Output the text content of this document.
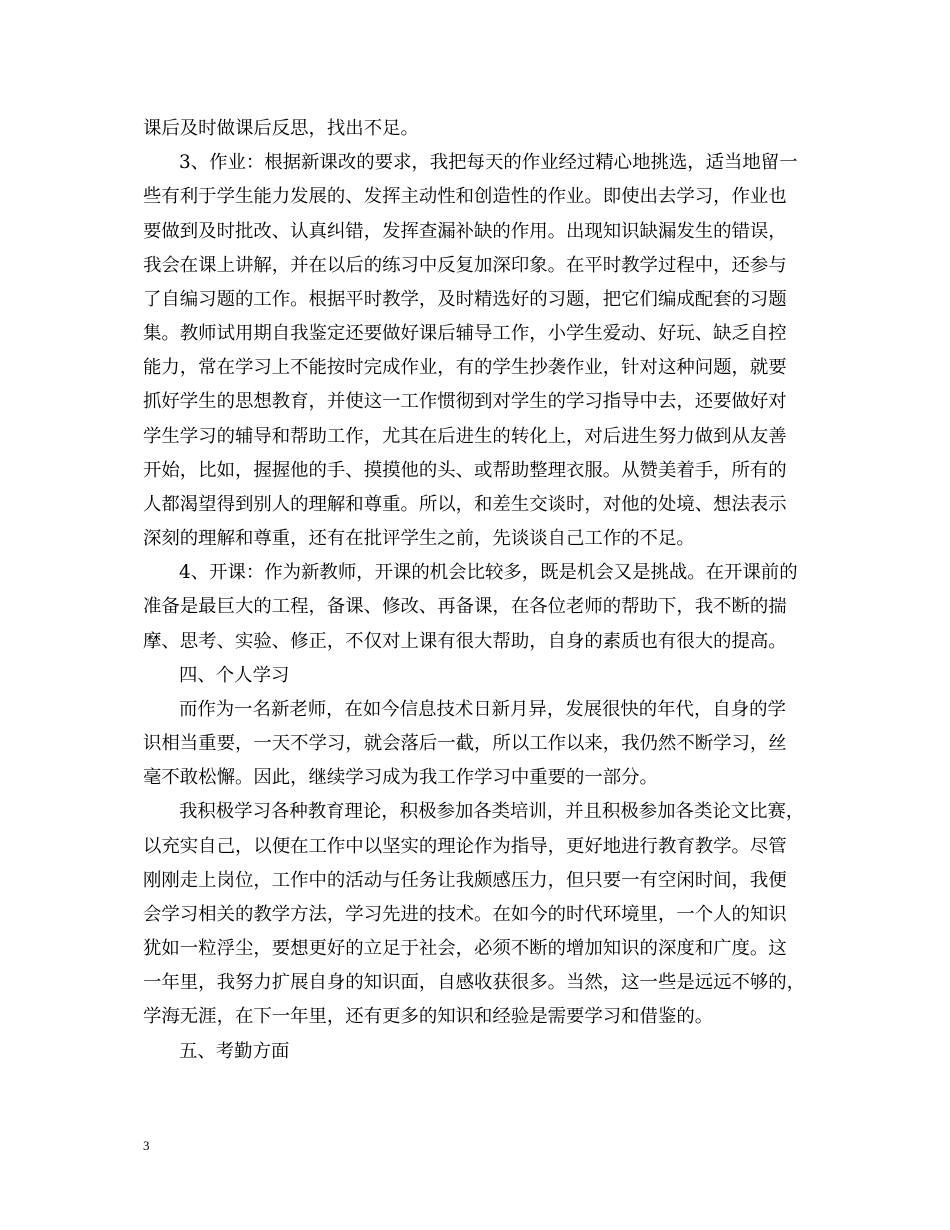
课后及时做课后反思，找出不足。
3、作业：根据新课改的要求，我把每天的作业经过精心地挑选，适当地留一
些有利于学生能力发展的、发挥主动性和创造性的作业。即使出去学习，作业也
要做到及时批改、认真纠错，发挥查漏补缺的作用。出现知识缺漏发生的错误，
我会在课上讲解，并在以后的练习中反复加深印象。在平时教学过程中，还参与
了自编习题的工作。根据平时教学，及时精选好的习题，把它们编成配套的习题
集。教师试用期自我鉴定还要做好课后辅导工作，小学生爱动、好玩、缺乏自控
能力，常在学习上不能按时完成作业，有的学生抄袭作业，针对这种问题，就要
抓好学生的思想教育，并使这一工作惯彻到对学生的学习指导中去，还要做好对
学生学习的辅导和帮助工作，尤其在后进生的转化上，对后进生努力做到从友善
开始，比如，握握他的手、摸摸他的头、或帮助整理衣服。从赞美着手，所有的
人都渴望得到别人的理解和尊重。所以，和差生交谈时，对他的处境、想法表示
深刻的理解和尊重，还有在批评学生之前，先谈谈自己工作的不足。
4、开课：作为新教师，开课的机会比较多，既是机会又是挑战。在开课前的
准备是最巨大的工程，备课、修改、再备课，在各位老师的帮助下，我不断的揣
摩、思考、实验、修正，不仅对上课有很大帮助，自身的素质也有很大的提高。
四、个人学习
而作为一名新老师，在如今信息技术日新月异，发展很快的年代，自身的学
识相当重要，一天不学习，就会落后一截，所以工作以来，我仍然不断学习，丝
毫不敢松懈。因此，继续学习成为我工作学习中重要的一部分。
我积极学习各种教育理论，积极参加各类培训，并且积极参加各类论文比赛，
以充实自己，以便在工作中以坚实的理论作为指导，更好地进行教育教学。尽管
刚刚走上岗位，工作中的活动与任务让我颇感压力，但只要一有空闲时间，我便
会学习相关的教学方法，学习先进的技术。在如今的时代环境里，一个人的知识
犹如一粒浮尘，要想更好的立足于社会，必须不断的增加知识的深度和广度。这
一年里，我努力扩展自身的知识面，自感收获很多。当然，这一些是远远不够的，
学海无涯，在下一年里，还有更多的知识和经验是需要学习和借鉴的。
五、考勤方面
3
